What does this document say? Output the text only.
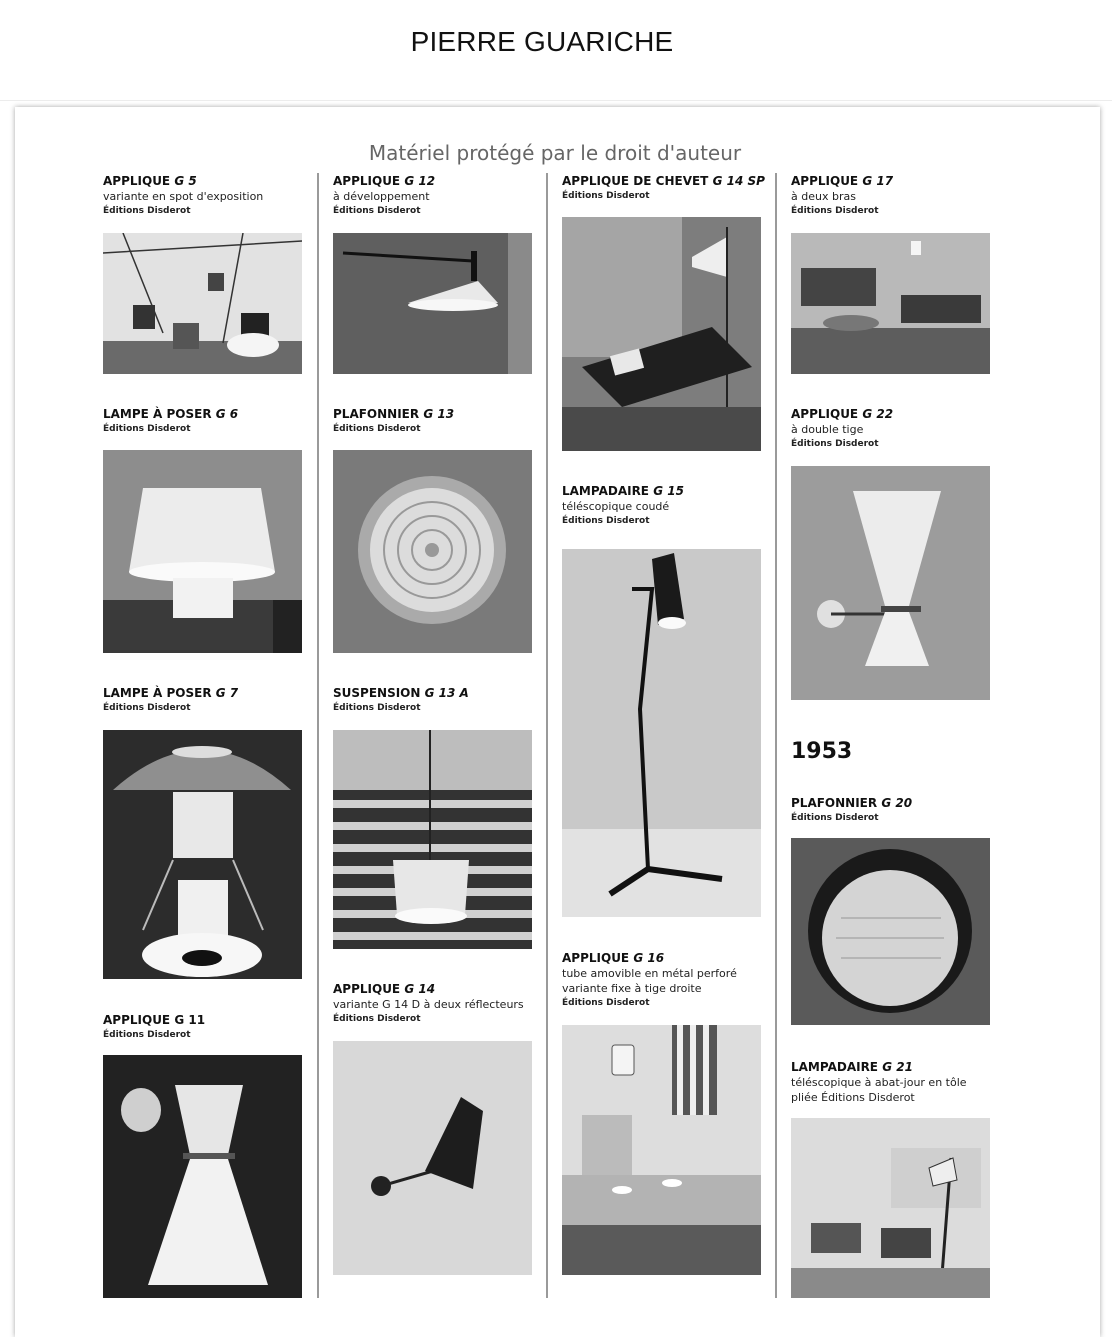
PIERRE GUARICHE
Matériel protégé par le droit d'auteur
APPLIQUE G 5
variante en spot d'exposition
Éditions Disderot
LAMPE À POSER G 6
Éditions Disderot
LAMPE À POSER G 7
Éditions Disderot
APPLIQUE G 11
Éditions Disderot
APPLIQUE G 12
à développement
Éditions Disderot
PLAFONNIER G 13
Éditions Disderot
SUSPENSION G 13 A
Éditions Disderot
APPLIQUE G 14
variante G 14 D à deux réflecteurs
Éditions Disderot
APPLIQUE DE CHEVET G 14 SP
Éditions Disderot
LAMPADAIRE G 15
téléscopique coudé
Éditions Disderot
APPLIQUE G 16
tube amovible en métal perforé
variante fixe à tige droite
Éditions Disderot
APPLIQUE G 17
à deux bras
Éditions Disderot
APPLIQUE G 22
à double tige
Éditions Disderot
1953
PLAFONNIER G 20
Éditions Disderot
LAMPADAIRE G 21
téléscopique à abat-jour en tôle
pliée Éditions Disderot
